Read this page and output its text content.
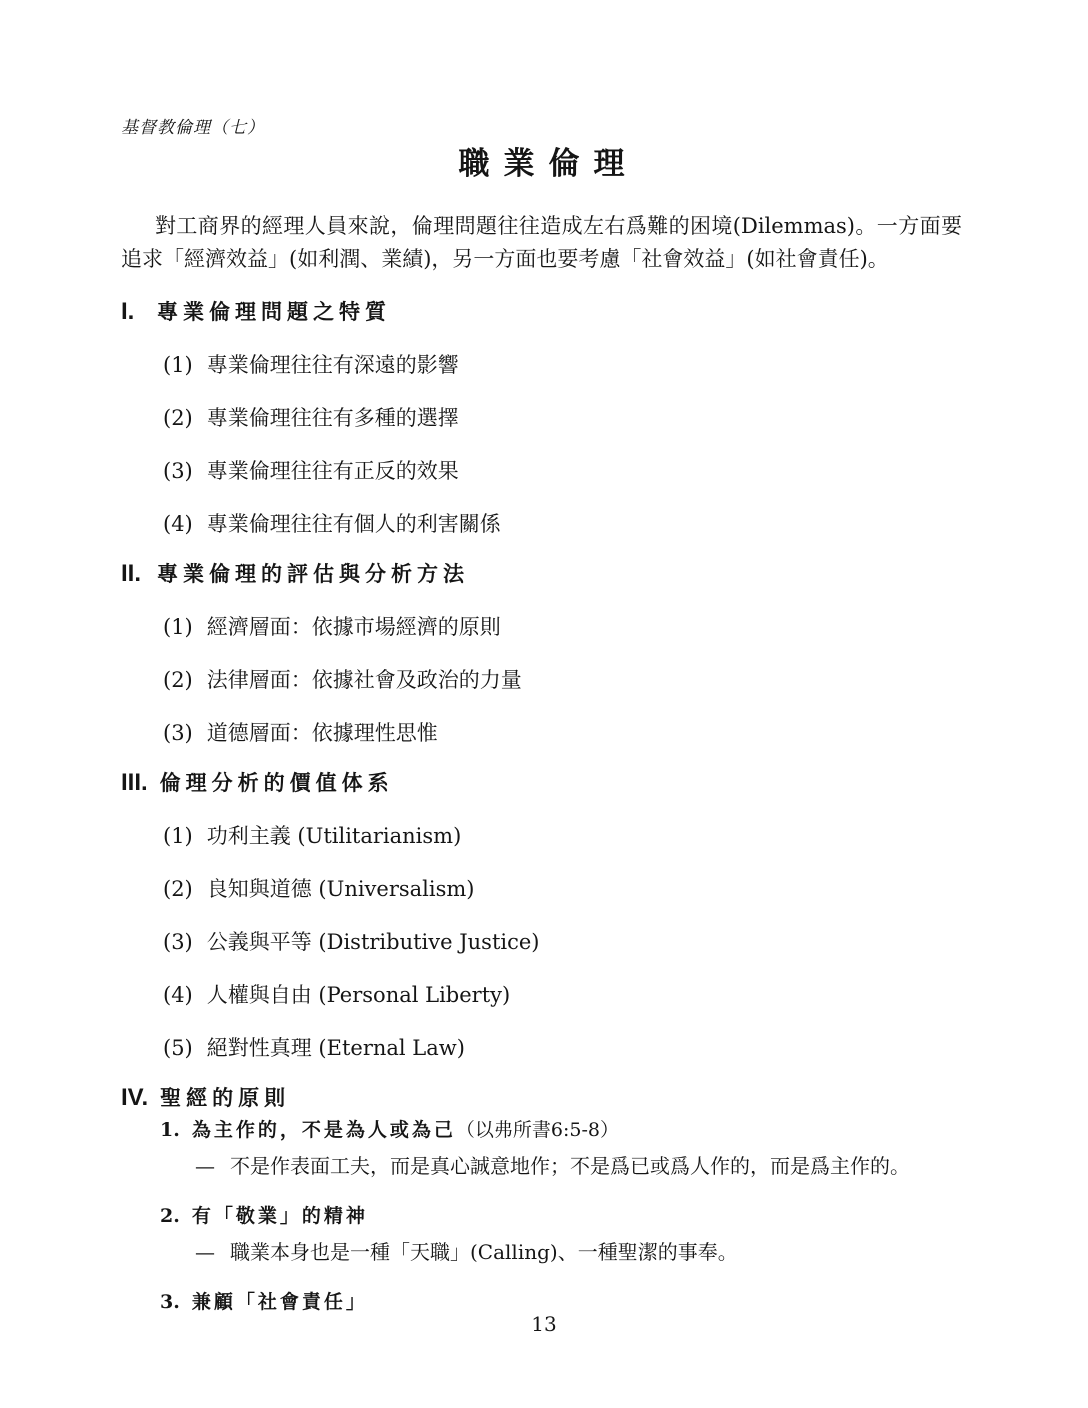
基督教倫理（七）
職業倫理

對工商界的經理人員來說，倫理問題往往造成左右爲難的困境(Dilemmas)。一方面要追求「經濟效益」(如利潤、業績)，另一方面也要考慮「社會效益」(如社會責任)。

I.	專業倫理問題之特質
(1) 專業倫理往往有深遠的影響
(2) 專業倫理往往有多種的選擇
(3) 專業倫理往往有正反的效果
(4) 專業倫理往往有個人的利害關係
II. 專業倫理的評估與分析方法
(1) 經濟層面：依據市場經濟的原則
(2) 法律層面：依據社會及政治的力量
(3) 道德層面：依據理性思惟
III. 倫理分析的價值体系
(1) 功利主義 (Utilitarianism)
(2) 良知與道德 (Universalism)
(3) 公義與平等 (Distributive Justice)
(4) 人權與自由 (Personal Liberty)
(5) 絕對性真理 (Eternal Law)
IV. 聖經的原則
1. 為主作的，不是為人或為己（以弗所書6:5-8）
— 不是作表面工夫，而是真心誠意地作；不是爲已或爲人作的，而是爲主作的。
2. 有「敬業」的精神
— 職業本身也是一種「天職」(Calling)、一種聖潔的事奉。
3. 兼顧「社會責任」
13
